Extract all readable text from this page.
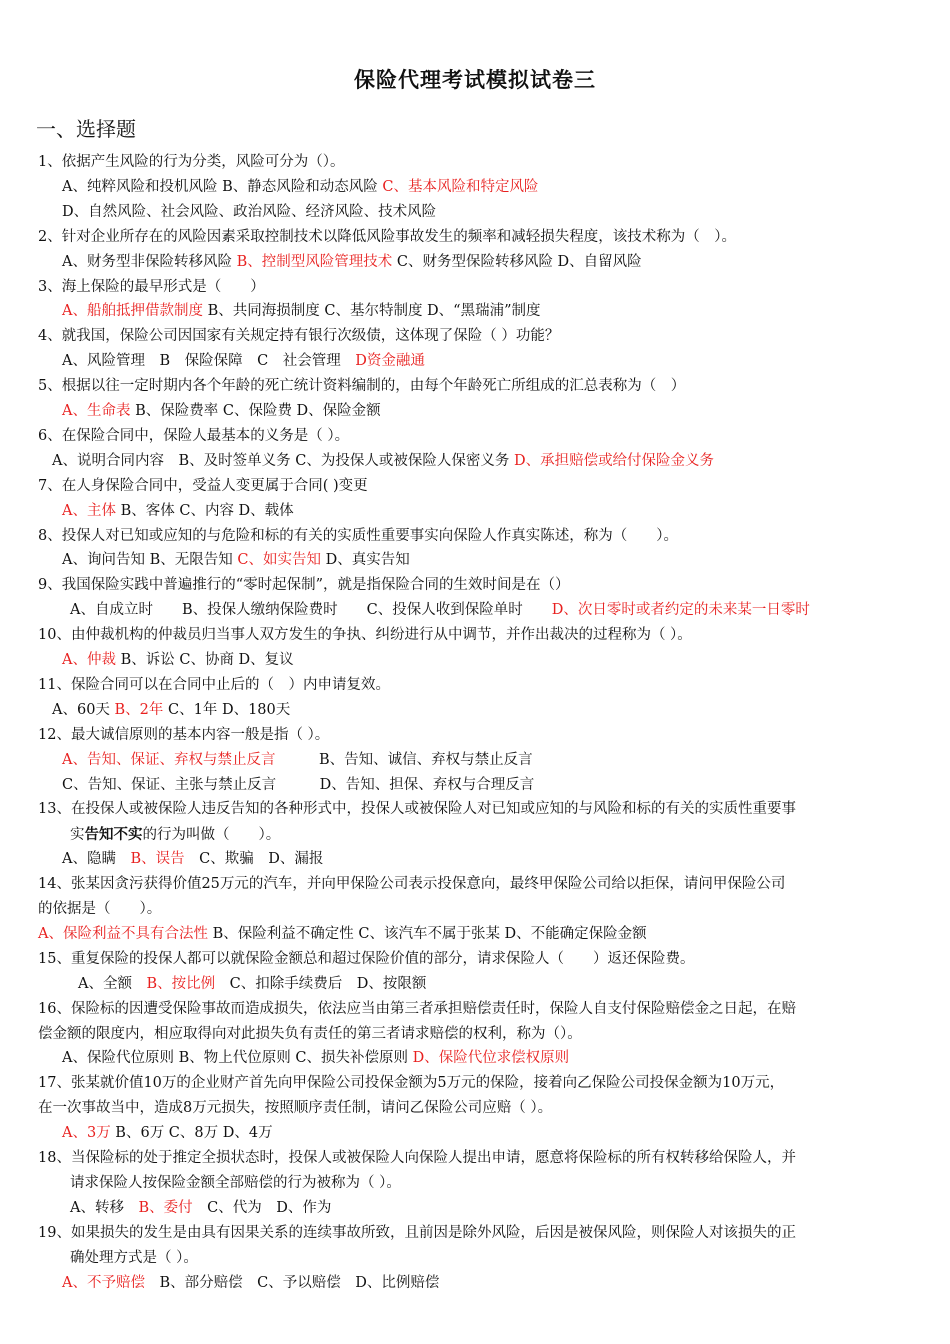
保险代理考试模拟试卷三
一、选择题
1、依据产生风险的行为分类，风险可分为（）。
A、纯粹风险和投机风险 B、静态风险和动态风险 C、基本风险和特定风险
D、自然风险、社会风险、政治风险、经济风险、技术风险
2、针对企业所存在的风险因素采取控制技术以降低风险事故发生的频率和减轻损失程度，该技术称为（　）。
A、财务型非保险转移风险 B、控制型风险管理技术 C、财务型保险转移风险 D、自留风险
3、海上保险的最早形式是（　　）
A、船舶抵押借款制度 B、共同海损制度 C、基尔特制度 D、“黑瑞浦”制度
4、就我国，保险公司因国家有关规定持有银行次级债，这体现了保险（ ）功能？
A、风险管理　B　保险保障　C　社会管理　D资金融通
5、根据以往一定时期内各个年龄的死亡统计资料编制的，由每个年龄死亡所组成的汇总表称为（　）
A、生命表 B、保险费率 C、保险费 D、保险金额
6、在保险合同中，保险人最基本的义务是（ ）。
A、说明合同内容　B、及时签单义务 C、为投保人或被保险人保密义务 D、承担赔偿或给付保险金义务
7、在人身保险合同中，受益人变更属于合同( )变更
A、主体 B、客体 C、内容 D、载体
8、投保人对已知或应知的与危险和标的有关的实质性重要事实向保险人作真实陈述，称为（　　）。
A、询问告知 B、无限告知 C、如实告知 D、真实告知
9、我国保险实践中普遍推行的“零时起保制”，就是指保险合同的生效时间是在（）
A、自成立时　　B、投保人缴纳保险费时　　C、投保人收到保险单时　　D、次日零时或者约定的未来某一日零时
10、由仲裁机构的仲裁员归当事人双方发生的争执、纠纷进行从中调节，并作出裁决的过程称为（ ）。
A、仲裁 B、诉讼 C、协商 D、复议
11、保险合同可以在合同中止后的（　）内申请复效。
A、60天 B、2年 C、1年 D、180天
12、最大诚信原则的基本内容一般是指（ ）。
A、告知、保证、弃权与禁止反言　　　B、告知、诚信、弃权与禁止反言
C、告知、保证、主张与禁止反言　　　D、告知、担保、弃权与合理反言
13、在投保人或被保险人违反告知的各种形式中，投保人或被保险人对已知或应知的与风险和标的有关的实质性重要事
实告知不实的行为叫做（　　）。
A、隐瞒　B、误告　C、欺骗　D、漏报
14、张某因贪污获得价值25万元的汽车，并向甲保险公司表示投保意向，最终甲保险公司给以拒保，请问甲保险公司
的依据是（　　）。
A、保险利益不具有合法性 B、保险利益不确定性 C、该汽车不属于张某 D、不能确定保险金额
15、重复保险的投保人都可以就保险金额总和超过保险价值的部分，请求保险人（　　）返还保险费。
A、全额　B、按比例　C、扣除手续费后　D、按限额
16、保险标的因遭受保险事故而造成损失，依法应当由第三者承担赔偿责任时，保险人自支付保险赔偿金之日起，在赔
偿金额的限度内，相应取得向对此损失负有责任的第三者请求赔偿的权利，称为（）。
A、保险代位原则 B、物上代位原则 C、损失补偿原则 D、保险代位求偿权原则
17、张某就价值10万的企业财产首先向甲保险公司投保金额为5万元的保险，接着向乙保险公司投保金额为10万元，
在一次事故当中，造成8万元损失，按照顺序责任制，请问乙保险公司应赔（ ）。
A、3万 B、6万 C、8万 D、4万
18、当保险标的处于推定全损状态时，投保人或被保险人向保险人提出申请，愿意将保险标的所有权转移给保险人，并
请求保险人按保险金额全部赔偿的行为被称为（ ）。
A、转移　B、委付　C、代为　D、作为
19、如果损失的发生是由具有因果关系的连续事故所致，且前因是除外风险，后因是被保风险，则保险人对该损失的正
确处理方式是（ ）。
A、不予赔偿　B、部分赔偿　C、予以赔偿　D、比例赔偿
